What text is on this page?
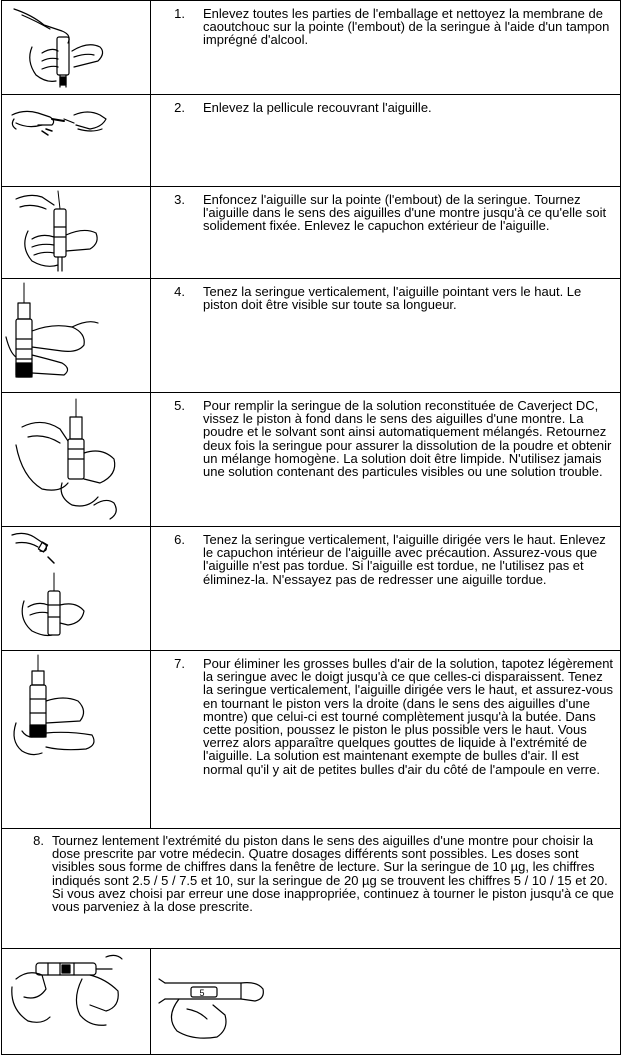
1. Enlevez toutes les parties de l'emballage et nettoyez la membrane de caoutchouc sur la pointe (l'embout) de la seringue à l'aide d'un tampon imprégné d'alcool.

2. Enlevez la pellicule recouvrant l'aiguille.

3. Enfoncez l'aiguille sur la pointe (l'embout) de la seringue. Tournez l'aiguille dans le sens des aiguilles d'une montre jusqu'à ce qu'elle soit solidement fixée. Enlevez le capuchon extérieur de l'aiguille.

4. Tenez la seringue verticalement, l'aiguille pointant vers le haut. Le piston doit être visible sur toute sa longueur.

5. Pour remplir la seringue de la solution reconstituée de Caverject DC, vissez le piston à fond dans le sens des aiguilles d'une montre. La poudre et le solvant sont ainsi automatiquement mélangés. Retournez deux fois la seringue pour assurer la dissolution de la poudre et obtenir un mélange homogène. La solution doit être limpide. N'utilisez jamais une solution contenant des particules visibles ou une solution trouble.

6. Tenez la seringue verticalement, l'aiguille dirigée vers le haut. Enlevez le capuchon intérieur de l'aiguille avec précaution. Assurez-vous que l'aiguille n'est pas tordue. Si l'aiguille est tordue, ne l'utilisez pas et éliminez-la. N'essayez pas de redresser une aiguille tordue.

7. Pour éliminer les grosses bulles d'air de la solution, tapotez légèrement la seringue avec le doigt jusqu'à ce que celles-ci disparaissent. Tenez la seringue verticalement, l'aiguille dirigée vers le haut, et assurez-vous en tournant le piston vers la droite (dans le sens des aiguilles d'une montre) que celui-ci est tourné complètement jusqu'à la butée. Dans cette position, poussez le piston le plus possible vers le haut. Vous verrez alors apparaître quelques gouttes de liquide à l'extrémité de l'aiguille. La solution est maintenant exempte de bulles d'air. Il est normal qu'il y ait de petites bulles d'air du côté de l'ampoule en verre.

8. Tournez lentement l'extrémité du piston dans le sens des aiguilles d'une montre pour choisir la dose prescrite par votre médecin. Quatre dosages différents sont possibles. Les doses sont visibles sous forme de chiffres dans la fenêtre de lecture. Sur la seringue de 10 µg, les chiffres indiqués sont 2.5 / 5 / 7.5 et 10, sur la seringue de 20 µg se trouvent les chiffres 5 / 10 / 15 et 20. Si vous avez choisi par erreur une dose inappropriée, continuez à tourner le piston jusqu'à ce que vous parveniez à la dose prescrite.	

5
